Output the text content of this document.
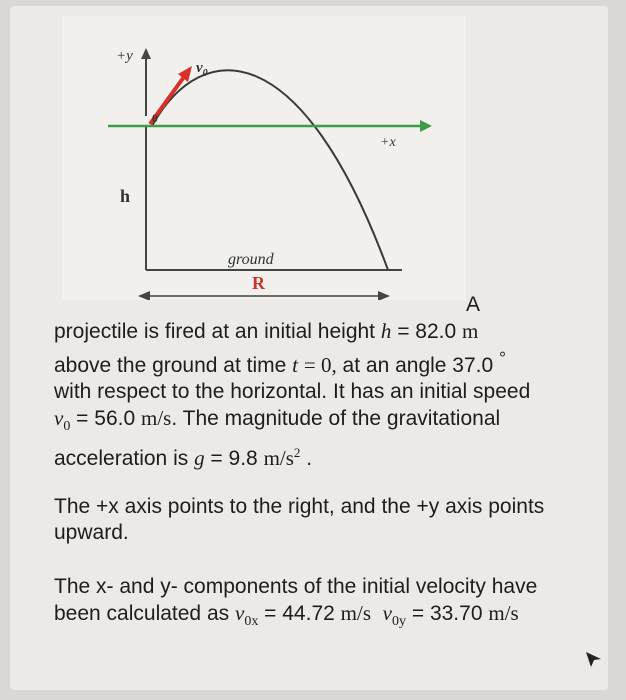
+y
+x
$v_0$
θ
h
ground
R
A
projectile is fired at an initial height h = 82.0 m
above the ground at time t = 0, at an angle 37.0 °
with respect to the horizontal. It has an initial speed
$v_0 = 56.0$ m/s. The magnitude of the gravitational
acceleration is g = 9.8 $m/s^2$ .
The +x axis points to the right, and the +y axis points upward.
The x- and y- components of the initial velocity have been calculated as $v_{0x} = 44.72$ m/s $v_{0y} = 33.70$ m/s
